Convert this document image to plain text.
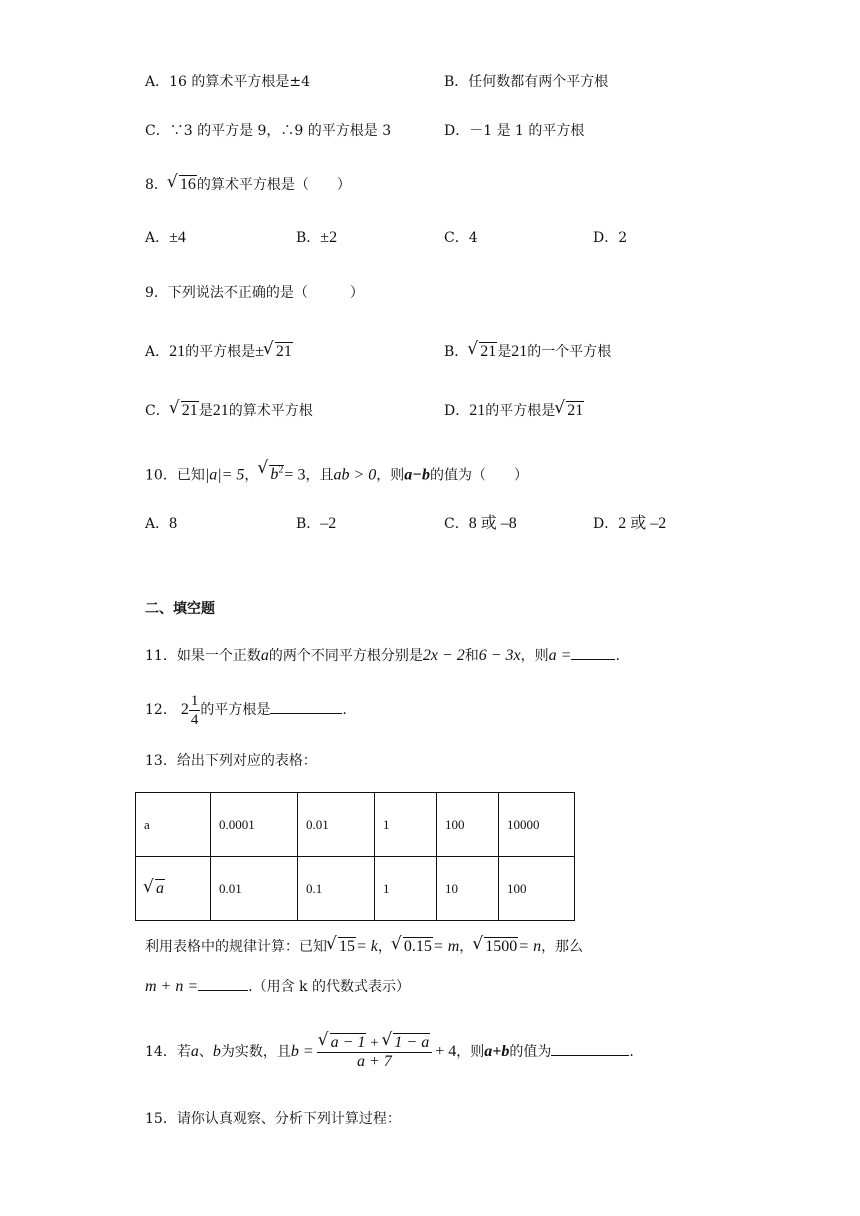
A．16 的算术平方根是±4	B．任何数都有两个平方根
C．∵3 的平方是 9，∴9 的平方根是 3	D．－1 是 1 的平方根
8． √ 16的算术平方根是（　　）
A．±4	B．±2	C．4	D．2
9．下列说法不正确的是（　　　）
A．21的平方根是± √ 21	B． √ 21是21的一个平方根
C． √ 21是21的算术平方根	D．21的平方根是 √ 21
10．已知|a|= 5， √ $b^2= 3$，且ab > 0，则a−b的值为（　　）
A．8	B．–2	C．8 或 –8	D．2 或 –2
二、填空题
11．如果一个正数a的两个不同平方根分别是2x − 2和6 − 3x，则a =	.
12． $2 \frac{1}{4}$ 的平方根是	.
13．给出下列对应的表格：
a	0.0001	0.01	1	100	10000
√ a	0.01	0.1	1	10	100
利用表格中的规律计算：已知 √ 15= k， √ 0.15= m， √ 1500= n，那么
m + n =	.（用含 k 的代数式表示）
14．若a、b为实数，且b = √ $\frac{a - 1 + √ 1 - a}{a + 7} + 4$，则a+b的值为	.
15．请你认真观察、分析下列计算过程：
